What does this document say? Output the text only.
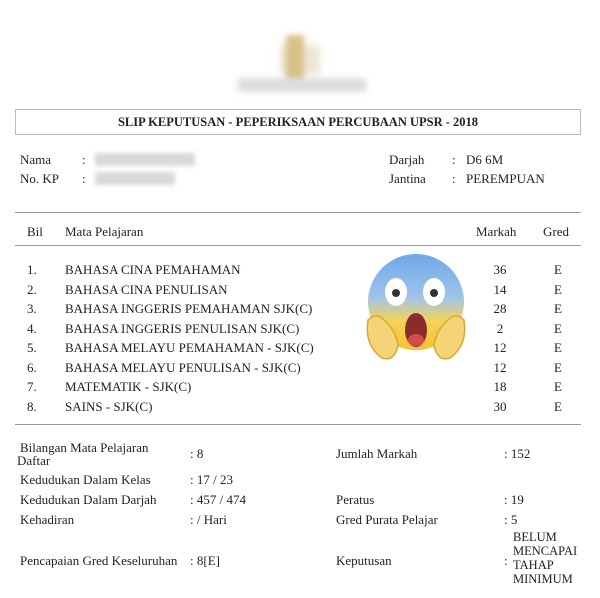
SLIP KEPUTUSAN - PEPERIKSAAN PERCUBAAN UPSR - 2018
Nama :
No. KP :
Darjah : D6 6M
Jantina : PEREMPUAN
Bil Mata Pelajaran	Markah Gred
1. BAHASA CINA PEMAHAMAN	36	E
2. BAHASA CINA PENULISAN	14	E
3. BAHASA INGGERIS PEMAHAMAN SJK(C)	28	E
4. BAHASA INGGERIS PENULISAN SJK(C)	2	E
5. BAHASA MELAYU PEMAHAMAN - SJK(C)	12	E
6. BAHASA MELAYU PENULISAN - SJK(C)	12	E
7. MATEMATIK - SJK(C)	18	E
8. SAINS - SJK(C)	30	E
Bilangan Mata Pelajaran
Daftar	: 8	Jumlah Markah	: 152
Kedudukan Dalam Kelas	: 17 / 23
Kedudukan Dalam Darjah	: 457 / 474	Peratus	: 19
Kehadiran	: / Hari	Gred Purata Pelajar	: 5
Pencapaian Gred Keseluruhan : 8[E]	Keputusan	:
BELUM
MENCAPAI
TAHAP
MINIMUM
